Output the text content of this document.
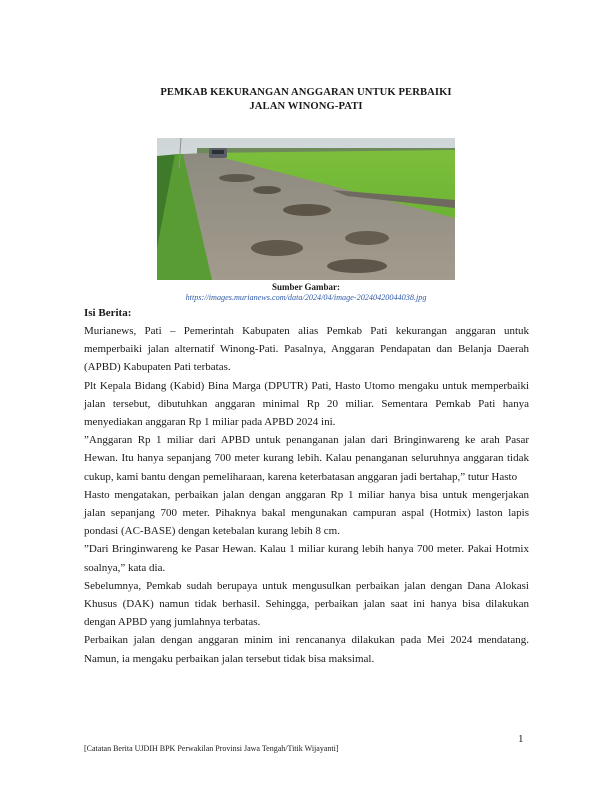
PEMKAB KEKURANGAN ANGGARAN UNTUK PERBAIKI
JALAN WINONG-PATI

Sumber Gambar:

https://images.murianews.com/data/2024/04/image-20240420044038.jpg

Isi Berita:

Murianews, Pati – Pemerintah Kabupaten alias Pemkab Pati kekurangan anggaran untuk memperbaiki jalan alternatif Winong-Pati. Pasalnya, Anggaran Pendapatan dan Belanja Daerah (APBD) Kabupaten Pati terbatas.

Plt Kepala Bidang (Kabid) Bina Marga (DPUTR) Pati, Hasto Utomo mengaku untuk memperbaiki jalan tersebut, dibutuhkan anggaran minimal Rp 20 miliar. Sementara Pemkab Pati hanya menyediakan anggaran Rp 1 miliar pada APBD 2024 ini.

”Anggaran Rp 1 miliar dari APBD untuk penanganan jalan dari Bringinwareng ke arah Pasar Hewan. Itu hanya sepanjang 700 meter kurang lebih. Kalau penanganan seluruhnya anggaran tidak cukup, kami bantu dengan pemeliharaan, karena keterbatasan anggaran jadi bertahap,” tutur Hasto

Hasto mengatakan, perbaikan jalan dengan anggaran Rp 1 miliar hanya bisa untuk mengerjakan jalan sepanjang 700 meter. Pihaknya bakal mengunakan campuran aspal (Hotmix) laston lapis pondasi (AC-BASE) dengan ketebalan kurang lebih 8 cm.

”Dari Bringinwareng ke Pasar Hewan. Kalau 1 miliar kurang lebih hanya 700 meter. Pakai Hotmix soalnya,” kata dia.

Sebelumnya, Pemkab sudah berupaya untuk mengusulkan perbaikan jalan dengan Dana Alokasi Khusus (DAK) namun tidak berhasil. Sehingga, perbaikan jalan saat ini hanya bisa dilakukan dengan APBD yang jumlahnya terbatas.

Perbaikan jalan dengan anggaran minim ini rencananya dilakukan pada Mei 2024 mendatang. Namun, ia mengaku perbaikan jalan tersebut tidak bisa maksimal.

1

[Catatan Berita UJDIH BPK Perwakilan Provinsi Jawa Tengah/Titik Wijayanti]
